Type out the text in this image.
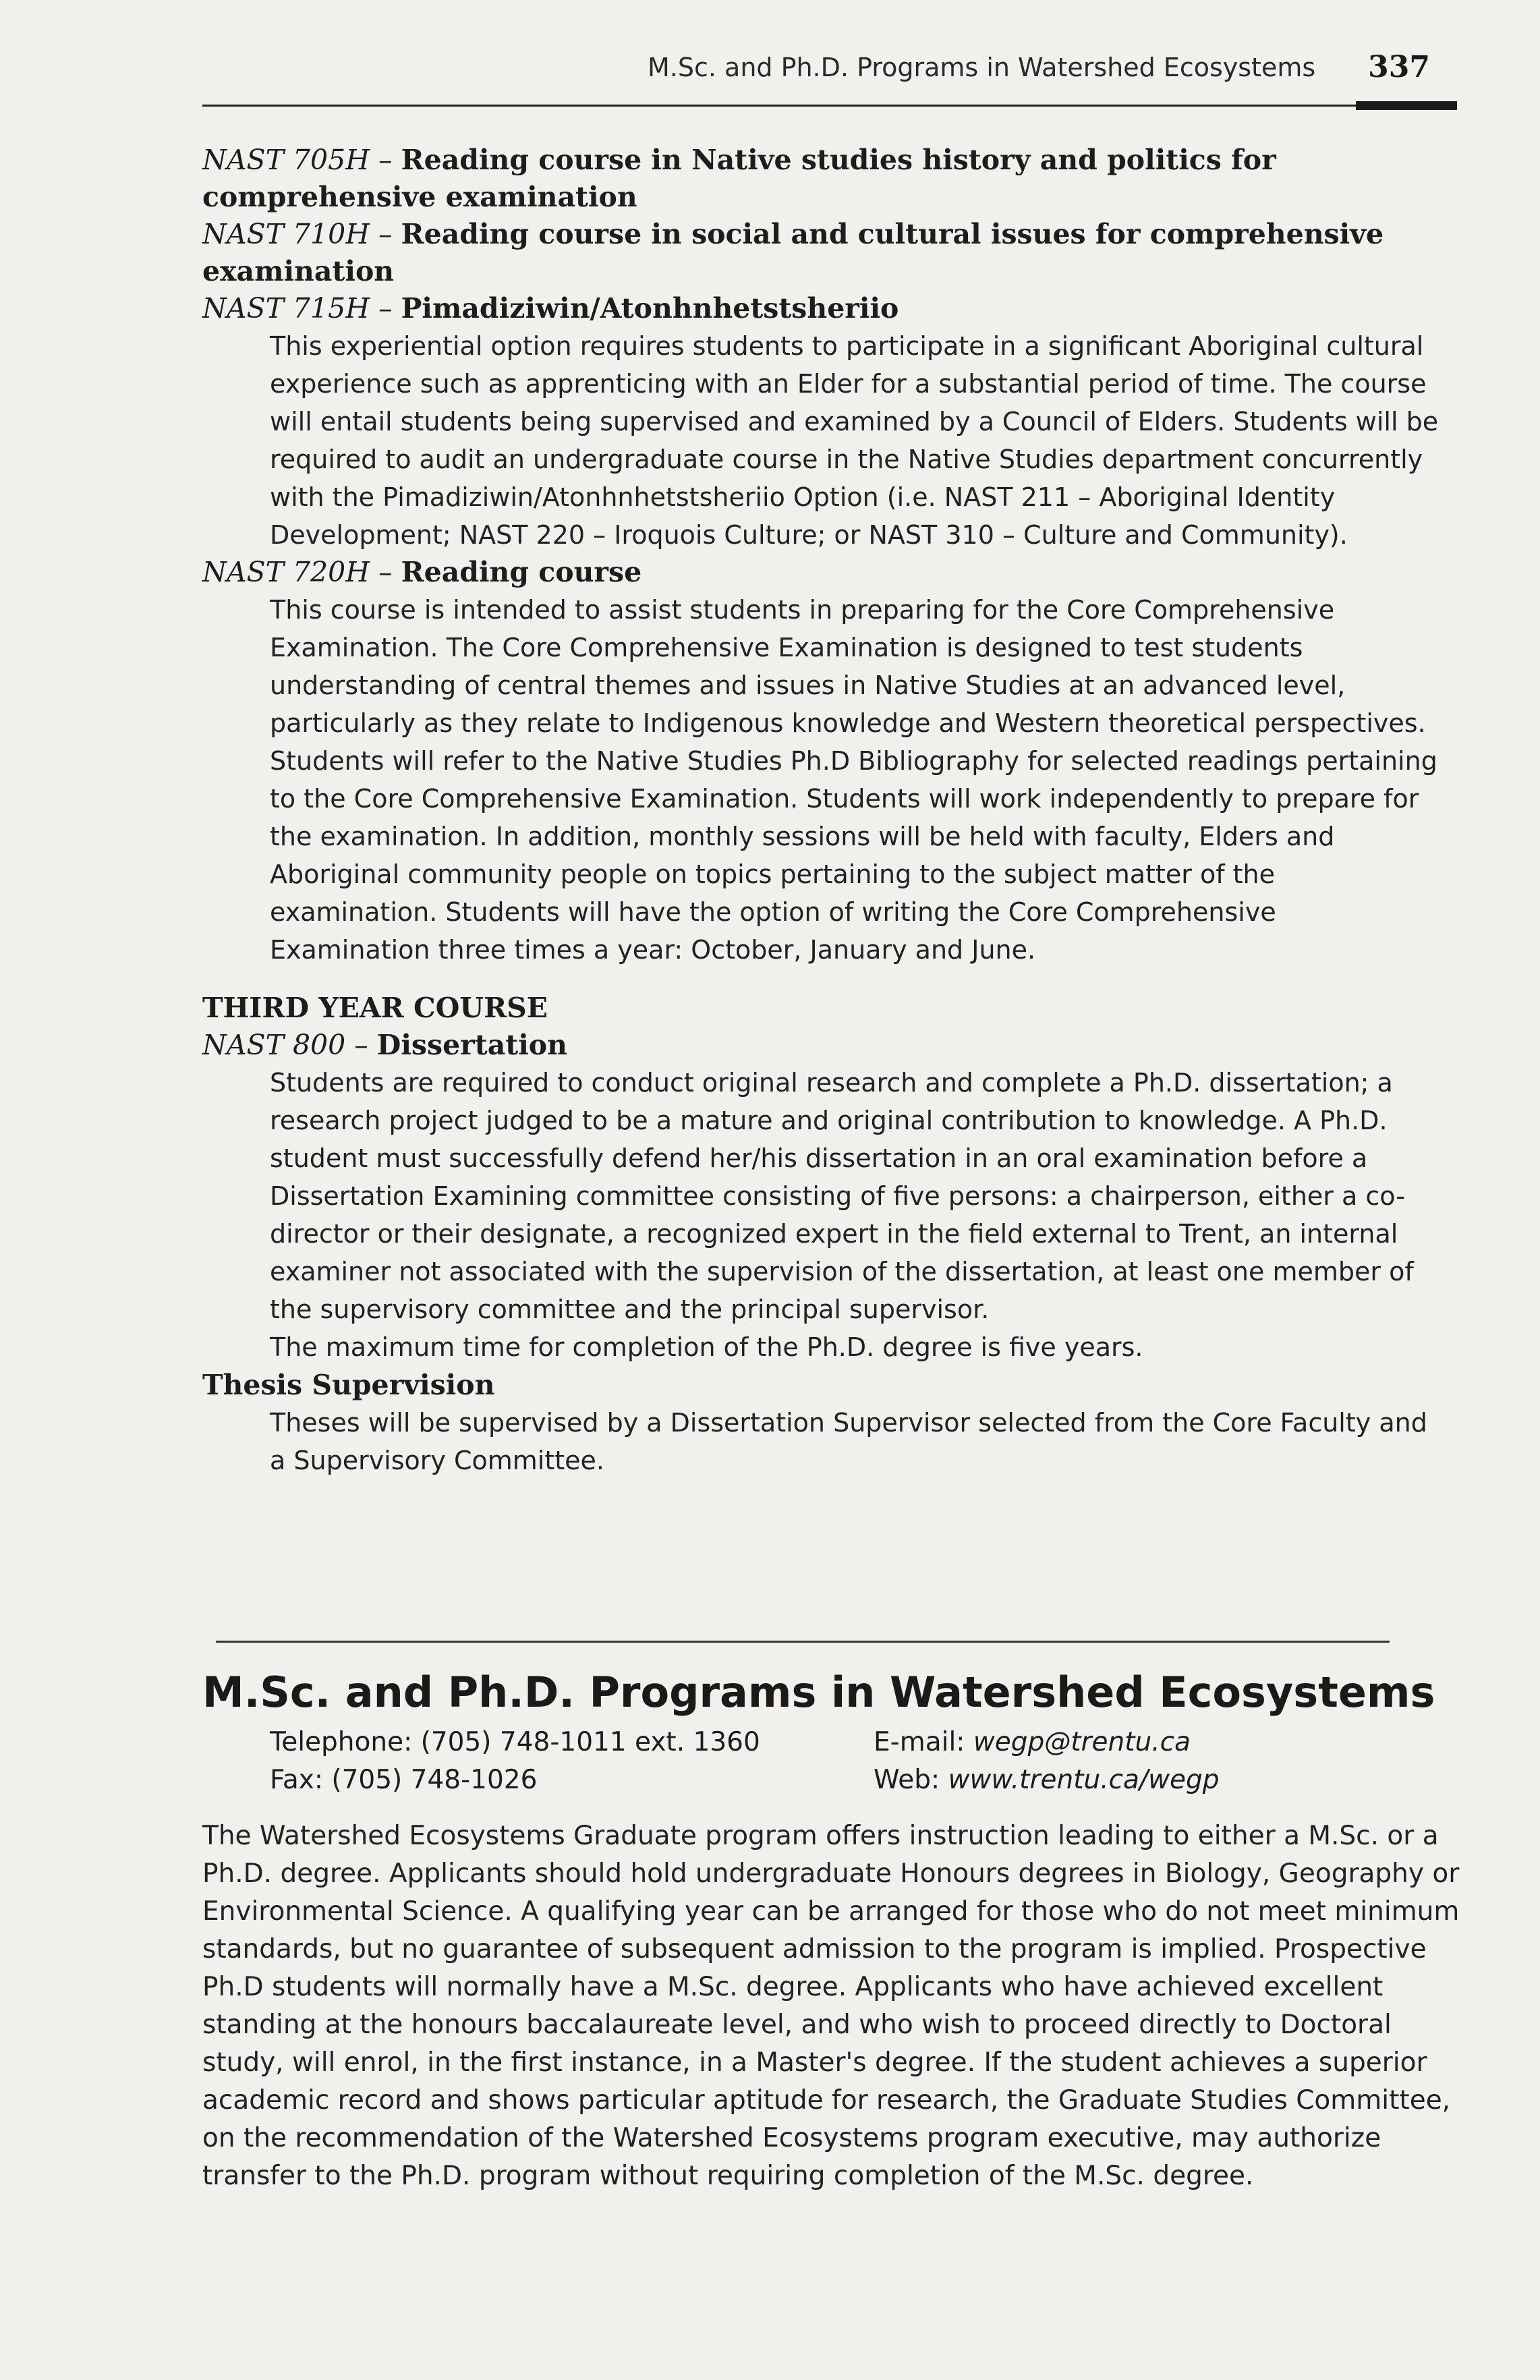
M.Sc. and Ph.D. Programs in Watershed Ecosystems 337

NAST 705H – Reading course in Native studies history and politics for comprehensive examination

NAST 710H – Reading course in social and cultural issues for comprehensive examination

NAST 715H – Pimadiziwin/Atonhnhetstsheriio

This experiential option requires students to participate in a significant Aboriginal cultural experience such as apprenticing with an Elder for a substantial period of time. The course will entail students being supervised and examined by a Council of Elders. Students will be required to audit an undergraduate course in the Native Studies department concurrently with the Pimadiziwin/Atonhnhetstsheriio Option (i.e. NAST 211 – Aboriginal Identity Development; NAST 220 – Iroquois Culture; or NAST 310 – Culture and Community).

NAST 720H – Reading course

This course is intended to assist students in preparing for the Core Comprehensive Examination. The Core Comprehensive Examination is designed to test students understanding of central themes and issues in Native Studies at an advanced level, particularly as they relate to Indigenous knowledge and Western theoretical perspectives. Students will refer to the Native Studies Ph.D Bibliography for selected readings pertaining to the Core Comprehensive Examination. Students will work independently to prepare for the examination. In addition, monthly sessions will be held with faculty, Elders and Aboriginal community people on topics pertaining to the subject matter of the examination. Students will have the option of writing the Core Comprehensive Examination three times a year: October, January and June.

THIRD YEAR COURSE

NAST 800 – Dissertation

Students are required to conduct original research and complete a Ph.D. dissertation; a research project judged to be a mature and original contribution to knowledge. A Ph.D. student must successfully defend her/his dissertation in an oral examination before a Dissertation Examining committee consisting of five persons: a chairperson, either a co-director or their designate, a recognized expert in the field external to Trent, an internal examiner not associated with the supervision of the dissertation, at least one member of the supervisory committee and the principal supervisor.

The maximum time for completion of the Ph.D. degree is five years.

Thesis Supervision

Theses will be supervised by a Dissertation Supervisor selected from the Core Faculty and a Supervisory Committee.

M.Sc. and Ph.D. Programs in Watershed Ecosystems
Telephone: (705) 748-1011 ext. 1360
Fax: (705) 748-1026
E-mail: wegp@trentu.ca
Web: www.trentu.ca/wegp

The Watershed Ecosystems Graduate program offers instruction leading to either a M.Sc. or a Ph.D. degree. Applicants should hold undergraduate Honours degrees in Biology, Geography or Environmental Science. A qualifying year can be arranged for those who do not meet minimum standards, but no guarantee of subsequent admission to the program is implied. Prospective Ph.D students will normally have a M.Sc. degree. Applicants who have achieved excellent standing at the honours baccalaureate level, and who wish to proceed directly to Doctoral study, will enrol, in the first instance, in a Master's degree. If the student achieves a superior academic record and shows particular aptitude for research, the Graduate Studies Committee, on the recommendation of the Watershed Ecosystems program executive, may authorize transfer to the Ph.D. program without requiring completion of the M.Sc. degree.
